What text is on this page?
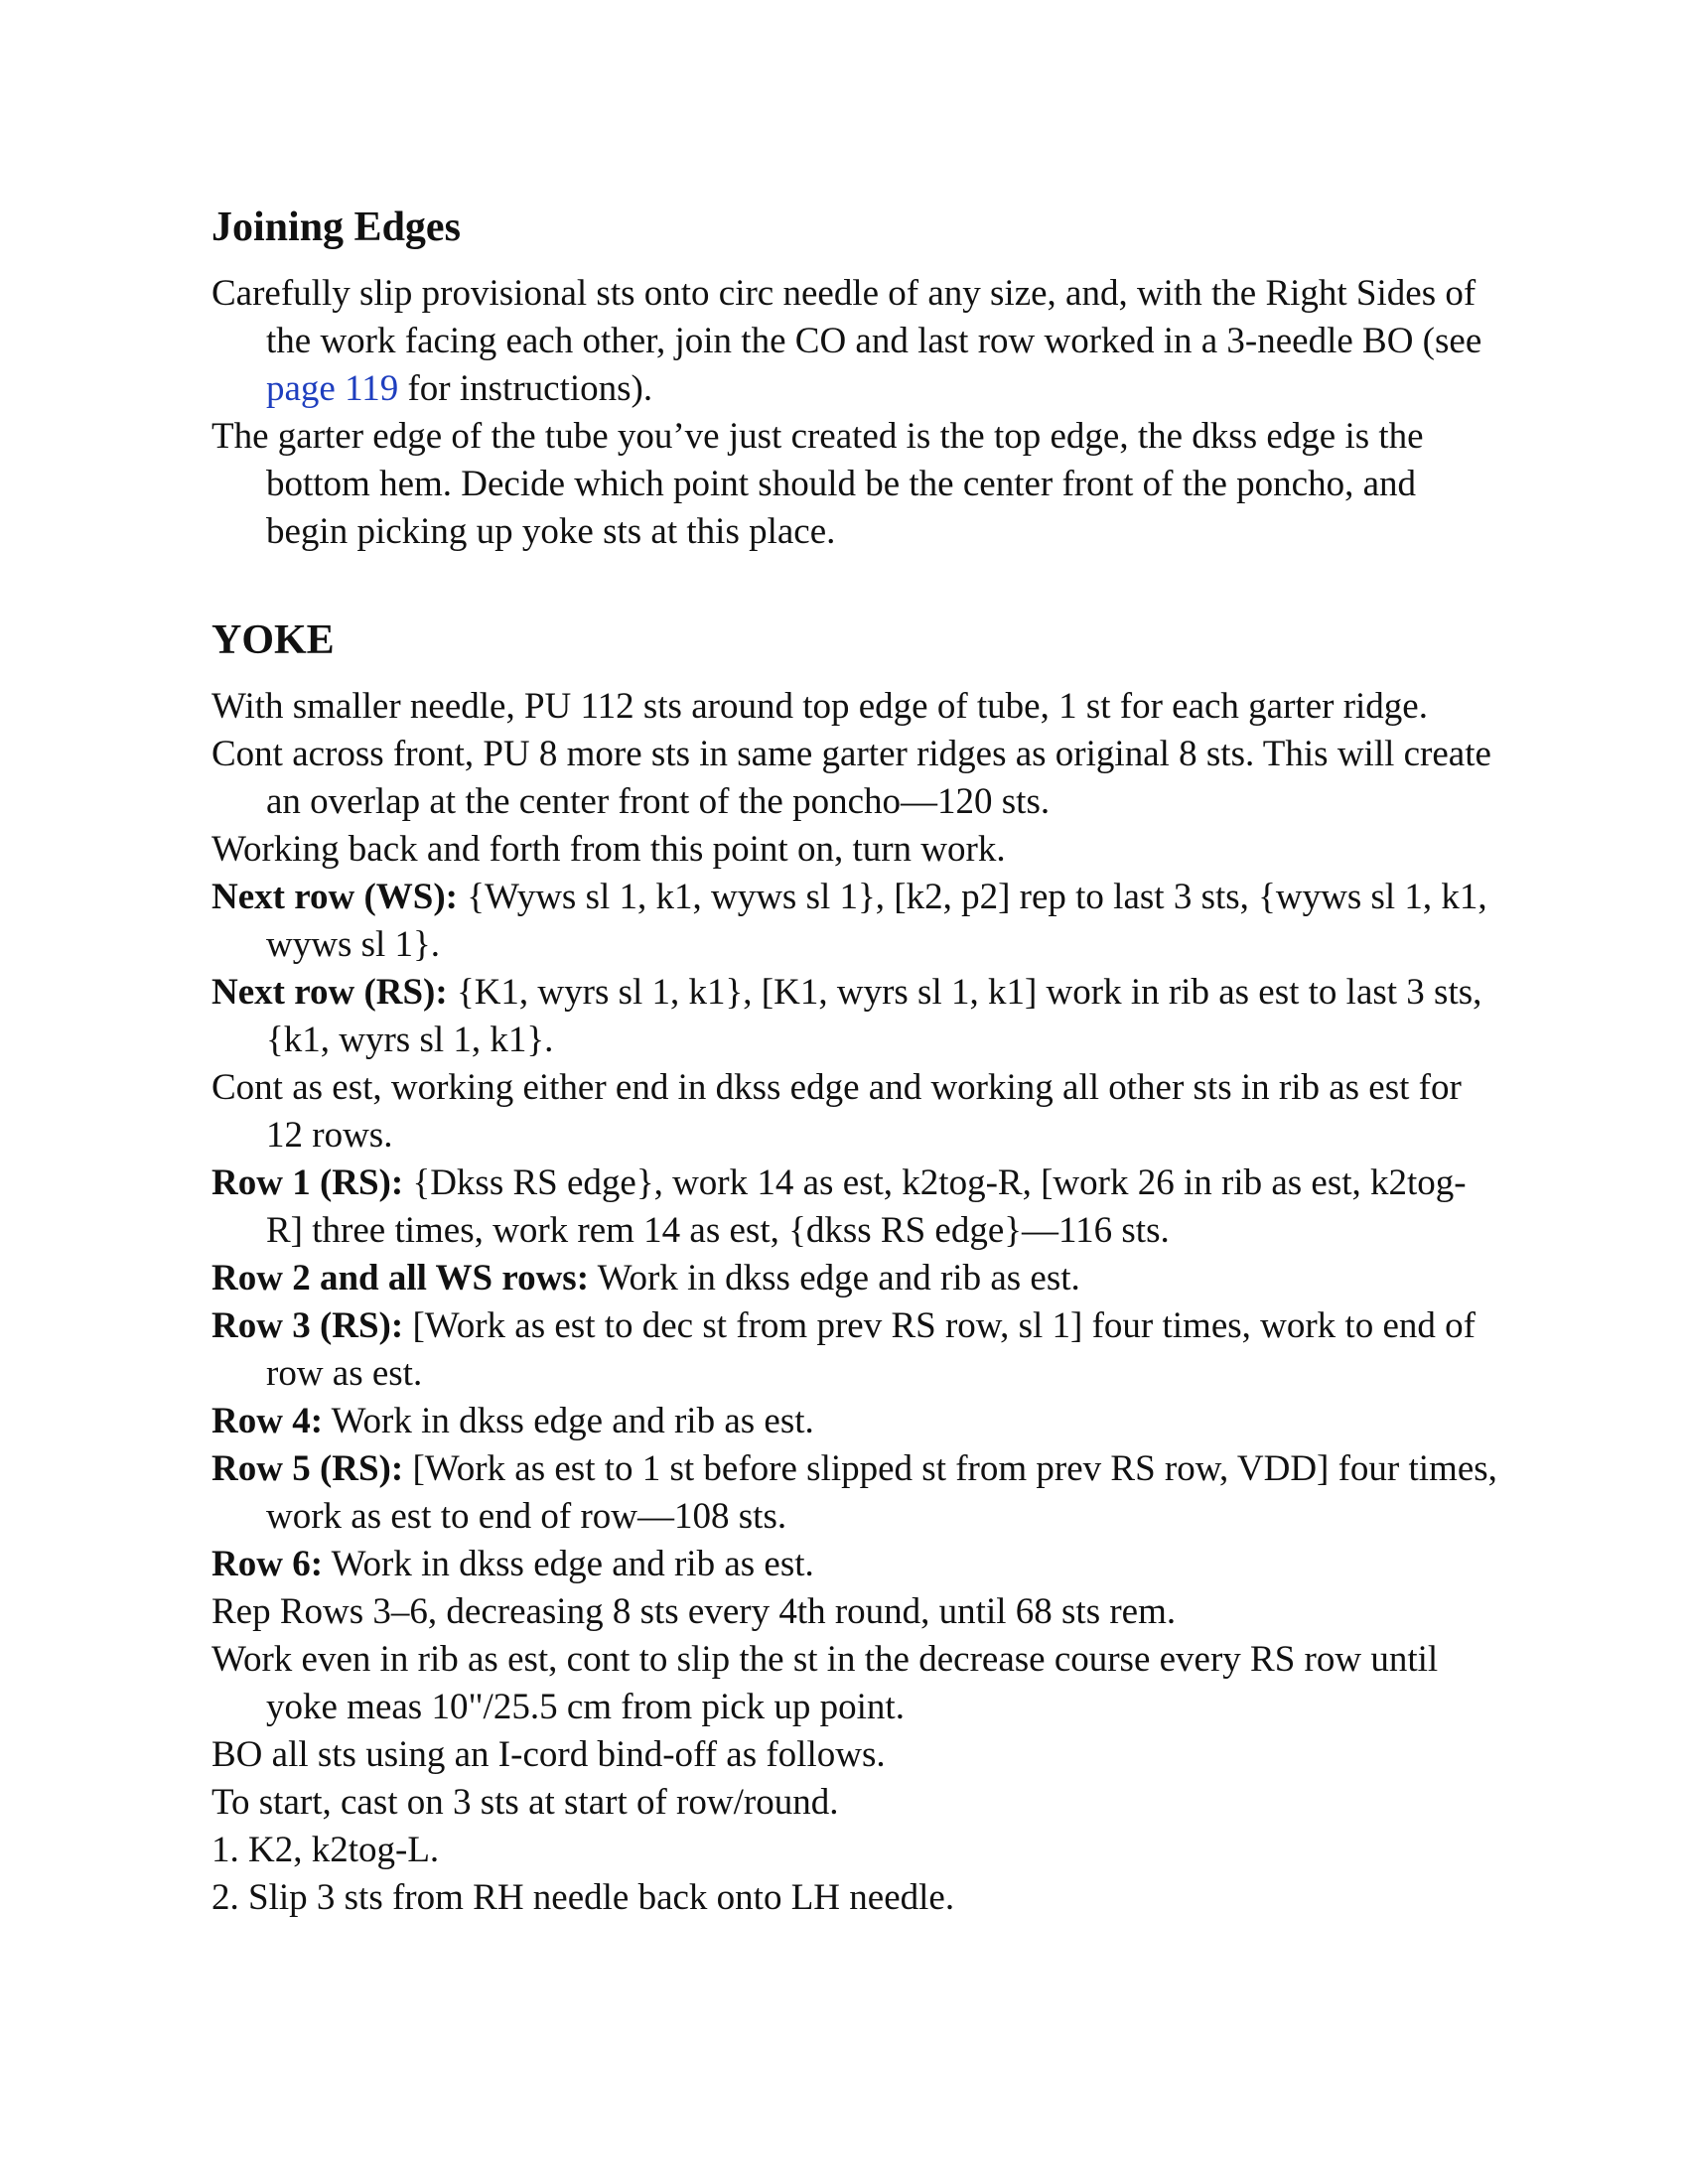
Joining Edges

Carefully slip provisional sts onto circ needle of any size, and, with the Right Sides of the work facing each other, join the CO and last row worked in a 3-needle BO (see page 119 for instructions).

The garter edge of the tube you’ve just created is the top edge, the dkss edge is the bottom hem. Decide which point should be the center front of the poncho, and begin picking up yoke sts at this place.

YOKE

With smaller needle, PU 112 sts around top edge of tube, 1 st for each garter ridge.

Cont across front, PU 8 more sts in same garter ridges as original 8 sts. This will create an overlap at the center front of the poncho—120 sts.

Working back and forth from this point on, turn work.

Next row (WS): {Wyws sl 1, k1, wyws sl 1}, [k2, p2] rep to last 3 sts, {wyws sl 1, k1, wyws sl 1}.

Next row (RS): {K1, wyrs sl 1, k1}, [K1, wyrs sl 1, k1] work in rib as est to last 3 sts, {k1, wyrs sl 1, k1}.

Cont as est, working either end in dkss edge and working all other sts in rib as est for 12 rows.

Row 1 (RS): {Dkss RS edge}, work 14 as est, k2tog-R, [work 26 in rib as est, k2tog-R] three times, work rem 14 as est, {dkss RS edge}—116 sts.

Row 2 and all WS rows: Work in dkss edge and rib as est.

Row 3 (RS): [Work as est to dec st from prev RS row, sl 1] four times, work to end of row as est.

Row 4: Work in dkss edge and rib as est.

Row 5 (RS): [Work as est to 1 st before slipped st from prev RS row, VDD] four times, work as est to end of row—108 sts.

Row 6: Work in dkss edge and rib as est.

Rep Rows 3–6, decreasing 8 sts every 4th round, until 68 sts rem.

Work even in rib as est, cont to slip the st in the decrease course every RS row until yoke meas 10"/25.5 cm from pick up point.

BO all sts using an I-cord bind-off as follows.

To start, cast on 3 sts at start of row/round.

1. K2, k2tog-L.

2. Slip 3 sts from RH needle back onto LH needle.
